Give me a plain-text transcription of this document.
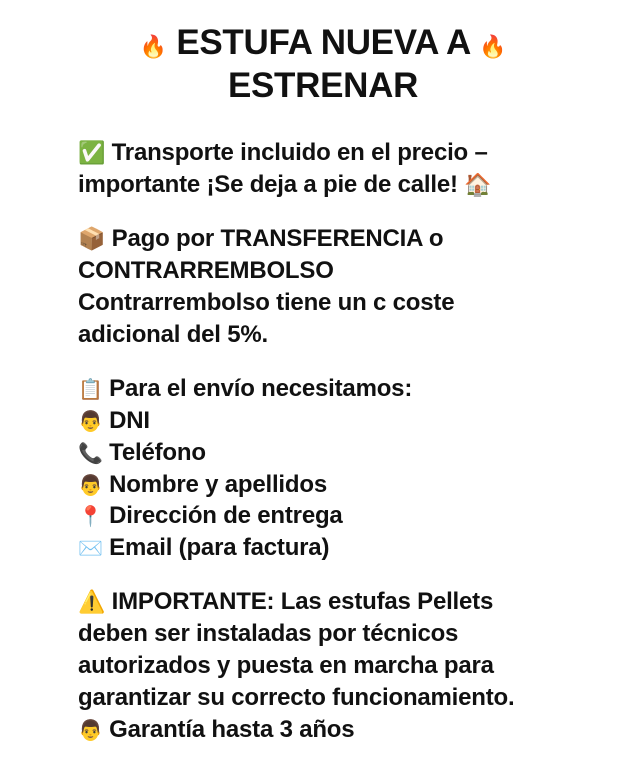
🔥 ESTUFA NUEVA A 🔥
ESTRENAR
✅ Transporte incluido en el precio –
importante ¡Se deja a pie de calle! 🏠
📦 Pago por TRANSFERENCIA o
CONTRARREMBOLSO
Contrarrembolso tiene un c coste
adicional del 5%.
📋 Para el envío necesitamos:
👨 DNI
📞 Teléfono
👨 Nombre y apellidos
📍 Dirección de entrega
✉️ Email (para factura)
⚠️ IMPORTANTE: Las estufas Pellets
deben ser instaladas por técnicos
autorizados y puesta en marcha para
garantizar su correcto funcionamiento.
👨 Garantía hasta 3 años
